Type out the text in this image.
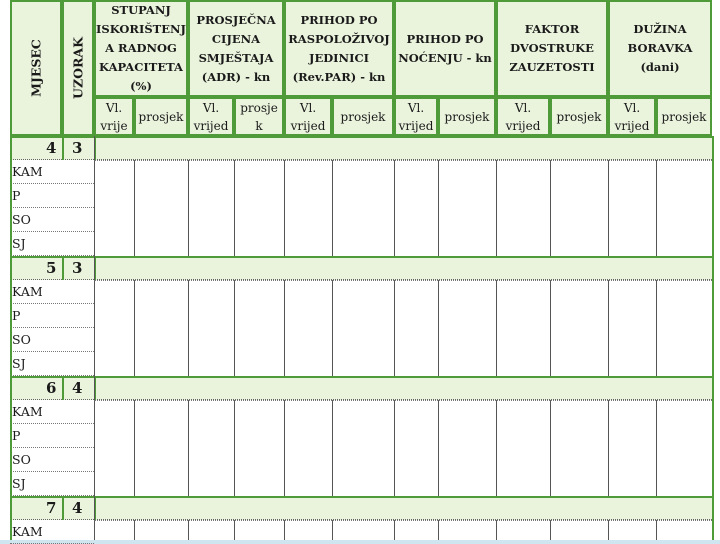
MJESEC UZORAK
STUPANJ ISKORIŠTENJ A RADNOG KAPACITETA (%)
PROSJEČNA CIJENA SMJEŠTAJA (ADR) - kn
PRIHOD PO RASPOLOŽIVOJ JEDINICI (Rev.PAR) - kn
PRIHOD PO NOĆENJU - kn
FAKTOR DVOSTRUKE ZAUZETOSTI
DUŽINA BORAVKA (dani)
Vl. vrije
prosjek
Vl. vrijed
prosje k
Vl. vrijed
prosjek
Vl. vrijed
prosjek
Vl. vrijed
prosjek
Vl. vrijed
prosjek
4 3
KAM
P
SO
SJ
5 3
KAM
P
SO
SJ
6 4
KAM
P
SO
SJ
7 4
KAM
